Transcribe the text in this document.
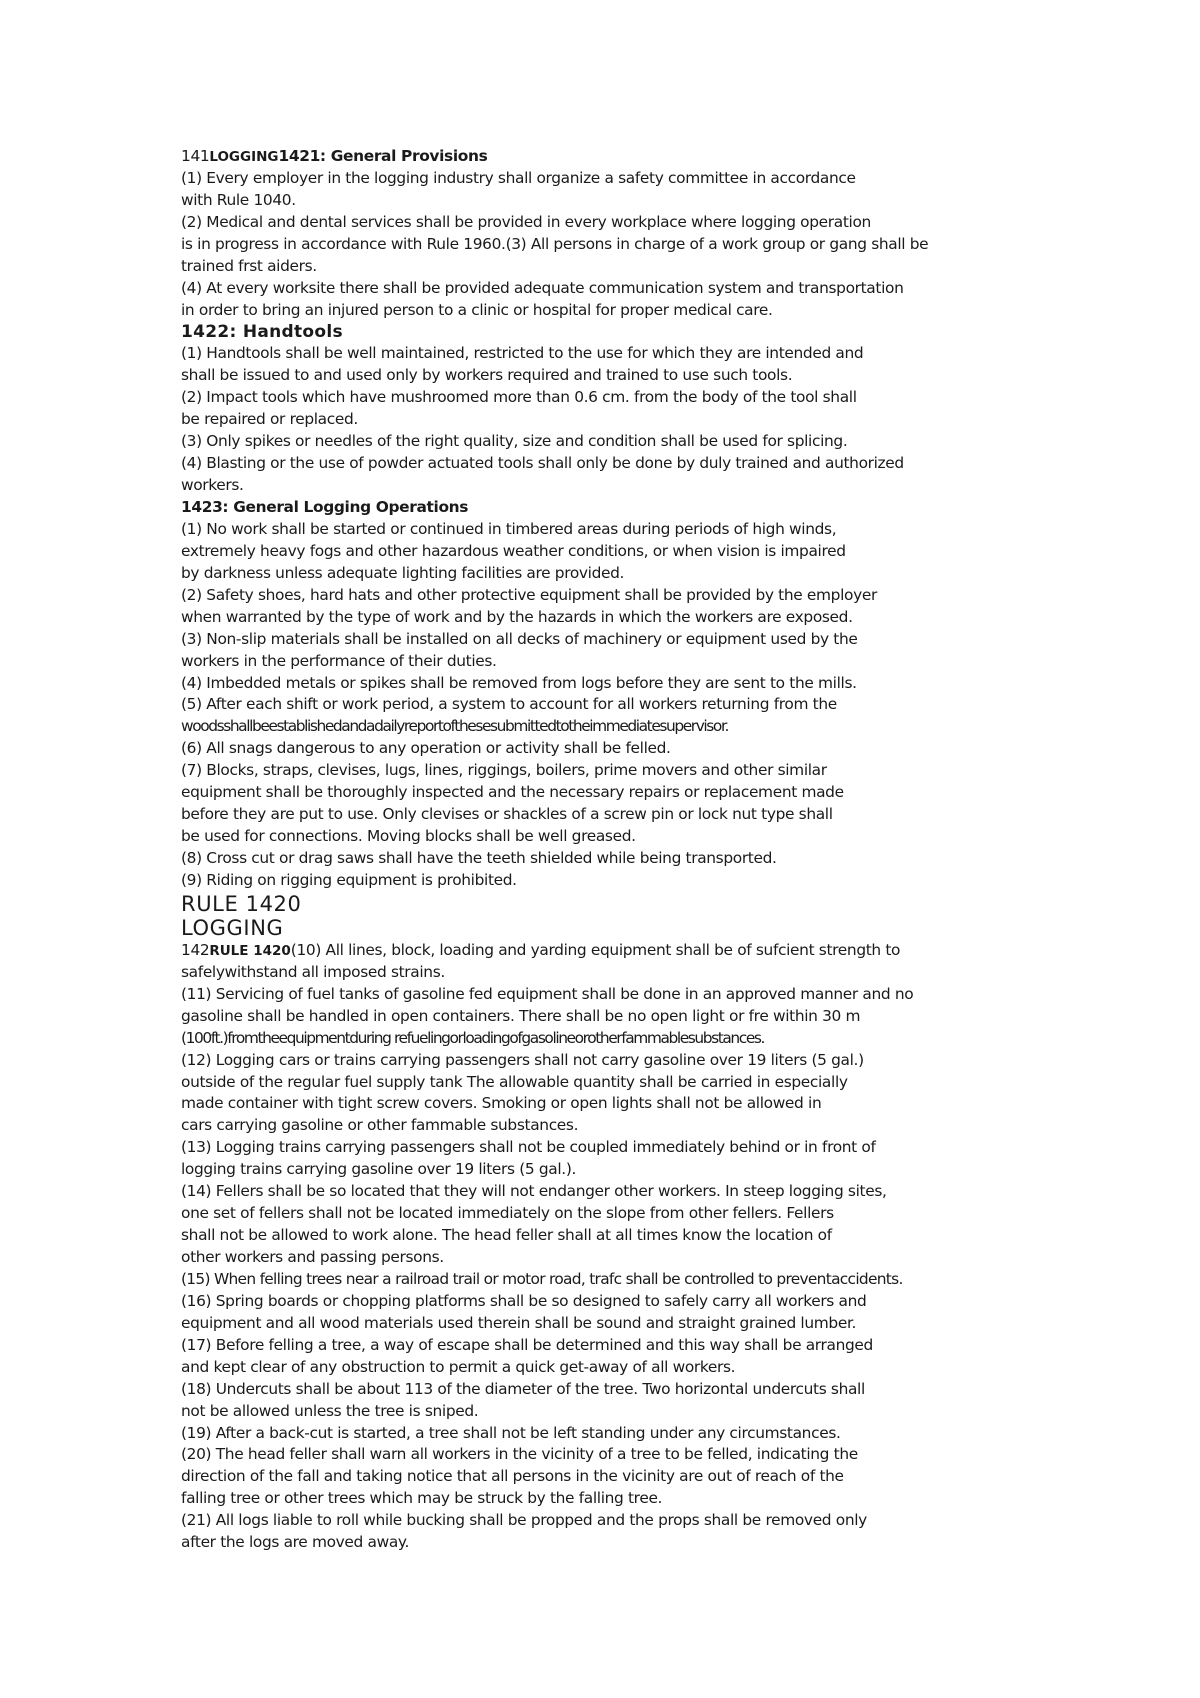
141LOGGING1421: General Provisions
(1) Every employer in the logging industry shall organize a safety committee in accordance
with Rule 1040.
(2) Medical and dental services shall be provided in every workplace where logging operation
is in progress in accordance with Rule 1960.(3) All persons in charge of a work group or gang shall be
trained frst aiders.
(4) At every worksite there shall be provided adequate communication system and transportation
in order to bring an injured person to a clinic or hospital for proper medical care.
1422: Handtools
(1) Handtools shall be well maintained, restricted to the use for which they are intended and
shall be issued to and used only by workers required and trained to use such tools.
(2) Impact tools which have mushroomed more than 0.6 cm. from the body of the tool shall
be repaired or replaced.
(3) Only spikes or needles of the right quality, size and condition shall be used for splicing.
(4) Blasting or the use of powder actuated tools shall only be done by duly trained and authorized
workers.
1423: General Logging Operations
(1) No work shall be started or continued in timbered areas during periods of high winds,
extremely heavy fogs and other hazardous weather conditions, or when vision is impaired
by darkness unless adequate lighting facilities are provided.
(2) Safety shoes, hard hats and other protective equipment shall be provided by the employer
when warranted by the type of work and by the hazards in which the workers are exposed.
(3) Non-slip materials shall be installed on all decks of machinery or equipment used by the
workers in the performance of their duties.
(4) Imbedded metals or spikes shall be removed from logs before they are sent to the mills.
(5) After each shift or work period, a system to account for all workers returning from the
woodsshallbeestablishedandadailyreportofthesesubmittedtotheimmediatesupervisor.
(6) All snags dangerous to any operation or activity shall be felled.
(7) Blocks, straps, clevises, lugs, lines, riggings, boilers, prime movers and other similar
equipment shall be thoroughly inspected and the necessary repairs or replacement made
before they are put to use. Only clevises or shackles of a screw pin or lock nut type shall
be used for connections. Moving blocks shall be well greased.
(8) Cross cut or drag saws shall have the teeth shielded while being transported.
(9) Riding on rigging equipment is prohibited.
RULE 1420
LOGGING
142RULE 1420(10) All lines, block, loading and yarding equipment shall be of sufcient strength to
safelywithstand all imposed strains.
(11) Servicing of fuel tanks of gasoline fed equipment shall be done in an approved manner and no
gasoline shall be handled in open containers. There shall be no open light or fre within 30 m
(100ft.)fromtheequipmentduring refuelingorloadingofgasolineorotherfammablesubstances.
(12) Logging cars or trains carrying passengers shall not carry gasoline over 19 liters (5 gal.)
outside of the regular fuel supply tank The allowable quantity shall be carried in especially
made container with tight screw covers. Smoking or open lights shall not be allowed in
cars carrying gasoline or other fammable substances.
(13) Logging trains carrying passengers shall not be coupled immediately behind or in front of
logging trains carrying gasoline over 19 liters (5 gal.).
(14) Fellers shall be so located that they will not endanger other workers. In steep logging sites,
one set of fellers shall not be located immediately on the slope from other fellers. Fellers
shall not be allowed to work alone. The head feller shall at all times know the location of
other workers and passing persons.
(15) When felling trees near a railroad trail or motor road, trafc shall be controlled to preventaccidents.
(16) Spring boards or chopping platforms shall be so designed to safely carry all workers and
equipment and all wood materials used therein shall be sound and straight grained lumber.
(17) Before felling a tree, a way of escape shall be determined and this way shall be arranged
and kept clear of any obstruction to permit a quick get-away of all workers.
(18) Undercuts shall be about 113 of the diameter of the tree. Two horizontal undercuts shall
not be allowed unless the tree is sniped.
(19) After a back-cut is started, a tree shall not be left standing under any circumstances.
(20) The head feller shall warn all workers in the vicinity of a tree to be felled, indicating the
direction of the fall and taking notice that all persons in the vicinity are out of reach of the
falling tree or other trees which may be struck by the falling tree.
(21) All logs liable to roll while bucking shall be propped and the props shall be removed only
after the logs are moved away.
